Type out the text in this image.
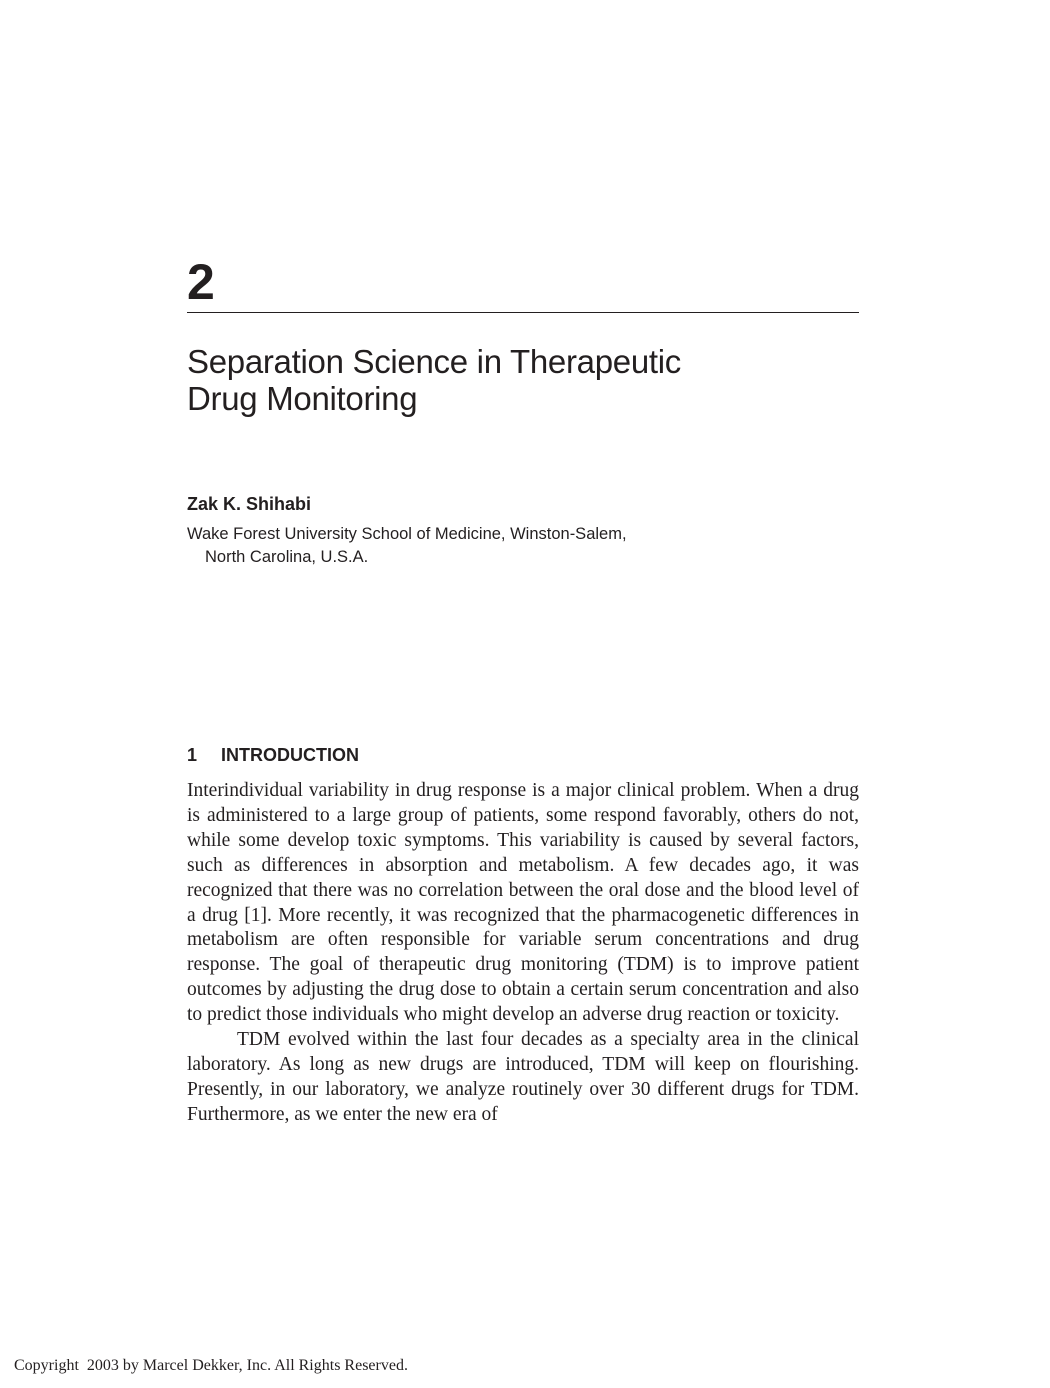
2
Separation Science in Therapeutic
Drug Monitoring
Zak K. Shihabi
Wake Forest University School of Medicine, Winston-Salem,
North Carolina, U.S.A.
1 INTRODUCTION

Interindividual variability in drug response is a major clinical problem. When a drug is administered to a large group of patients, some respond favorably, others do not, while some develop toxic symptoms. This variability is caused by several factors, such as differences in absorption and metabolism. A few decades ago, it was recognized that there was no correlation between the oral dose and the blood level of a drug [1]. More recently, it was recognized that the pharmacogenetic differences in metabolism are often responsible for variable serum concentrations and drug response. The goal of therapeutic drug monitoring (TDM) is to improve patient outcomes by adjusting the drug dose to obtain a certain serum concentration and also to predict those individuals who might develop an adverse drug reaction or toxicity.

TDM evolved within the last four decades as a specialty area in the clinical laboratory. As long as new drugs are introduced, TDM will keep on flourishing. Presently, in our laboratory, we analyze routinely over 30 different drugs for TDM. Furthermore, as we enter the new era of

Copyright  2003 by Marcel Dekker, Inc. All Rights Reserved.
